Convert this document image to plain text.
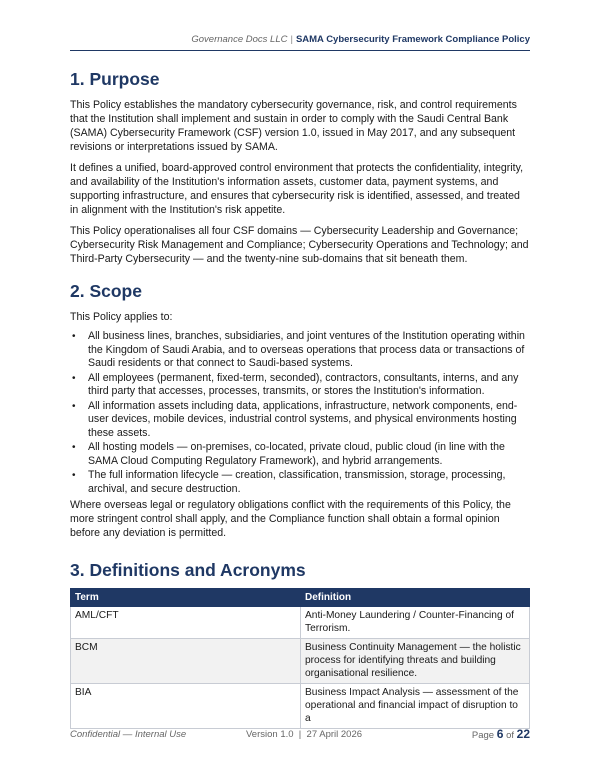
Governance Docs LLC | SAMA Cybersecurity Framework Compliance Policy
1. Purpose

This Policy establishes the mandatory cybersecurity governance, risk, and control requirements that the Institution shall implement and sustain in order to comply with the Saudi Central Bank (SAMA) Cybersecurity Framework (CSF) version 1.0, issued in May 2017, and any subsequent revisions or interpretations issued by SAMA.

It defines a unified, board-approved control environment that protects the confidentiality, integrity, and availability of the Institution's information assets, customer data, payment systems, and supporting infrastructure, and ensures that cybersecurity risk is identified, assessed, and treated in alignment with the Institution's risk appetite.

This Policy operationalises all four CSF domains — Cybersecurity Leadership and Governance; Cybersecurity Risk Management and Compliance; Cybersecurity Operations and Technology; and Third-Party Cybersecurity — and the twenty-nine sub-domains that sit beneath them.

2. Scope

This Policy applies to:

• All business lines, branches, subsidiaries, and joint ventures of the Institution operating within the Kingdom of Saudi Arabia, and to overseas operations that process data or transactions of Saudi residents or that connect to Saudi-based systems.
• All employees (permanent, fixed-term, seconded), contractors, consultants, interns, and any third party that accesses, processes, transmits, or stores the Institution's information.
• All information assets including data, applications, infrastructure, network components, end-user devices, mobile devices, industrial control systems, and physical environments hosting these assets.
• All hosting models — on-premises, co-located, private cloud, public cloud (in line with the SAMA Cloud Computing Regulatory Framework), and hybrid arrangements.
• The full information lifecycle — creation, classification, transmission, storage, processing, archival, and secure destruction.

Where overseas legal or regulatory obligations conflict with the requirements of this Policy, the more stringent control shall apply, and the Compliance function shall obtain a formal opinion before any deviation is permitted.

3. Definitions and Acronyms
Term	Definition
AML/CFT	Anti-Money Laundering / Counter-Financing of Terrorism.
BCM	Business Continuity Management — the holistic process for identifying threats and building organisational resilience.
BIA	Business Impact Analysis — assessment of the operational and financial impact of disruption to a
Confidential — Internal Use	Version 1.0  |  27 April 2026	Page 6 of 22
